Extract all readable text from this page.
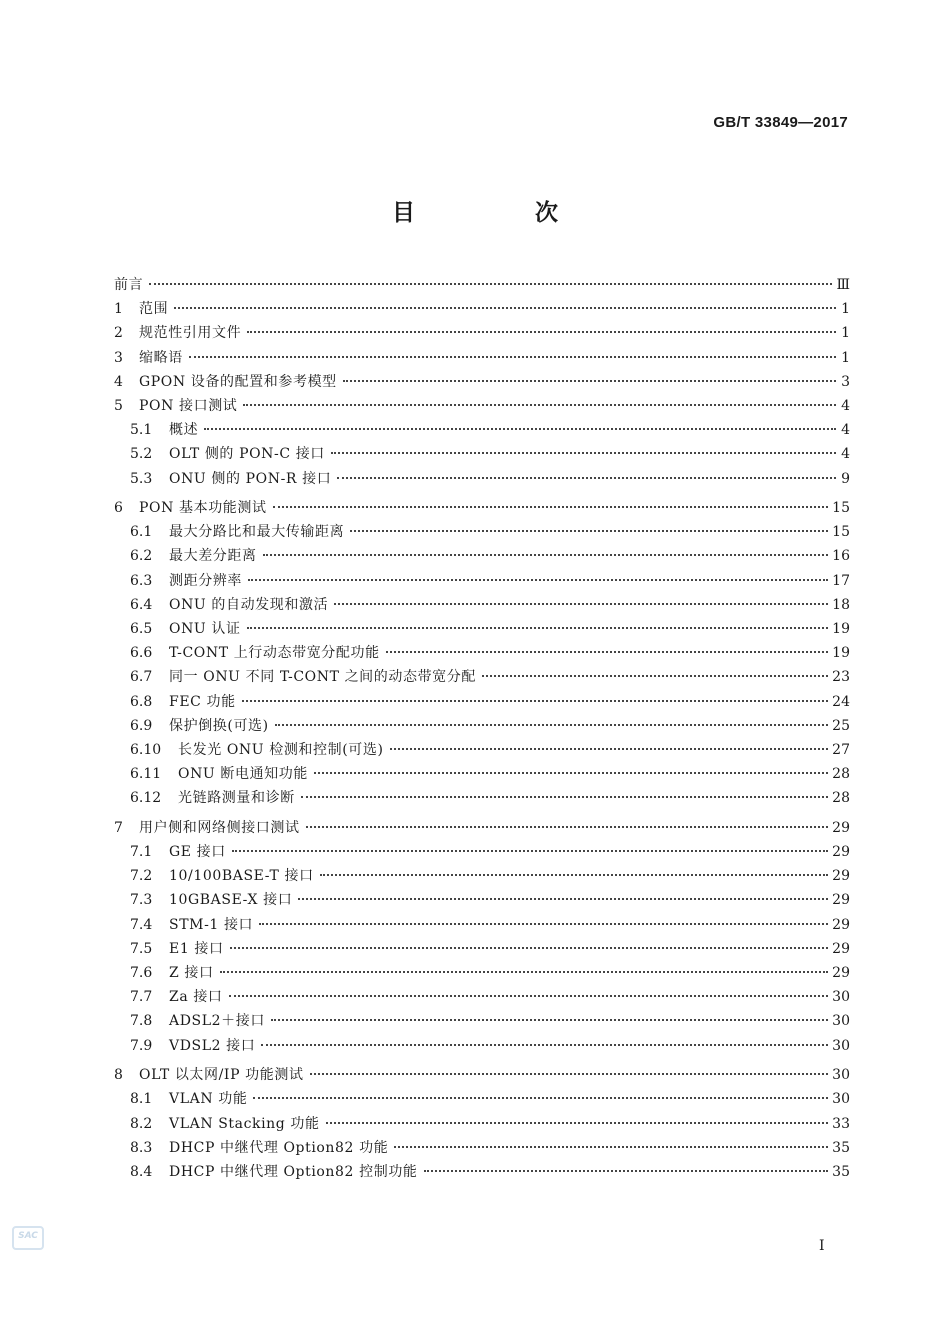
GB/T 33849—2017
目 次
前言	Ⅲ
1	范围	1
2	规范性引用文件	1
3	缩略语	1
4	GPON 设备的配置和参考模型	3
5	PON 接口测试	4
5.1	概述	4
5.2	OLT 侧的 PON-C 接口	4
5.3	ONU 侧的 PON-R 接口	9
6	PON 基本功能测试	15
6.1	最大分路比和最大传输距离	15
6.2	最大差分距离	16
6.3	测距分辨率	17
6.4	ONU 的自动发现和激活	18
6.5	ONU 认证	19
6.6	T-CONT 上行动态带宽分配功能	19
6.7	同一 ONU 不同 T-CONT 之间的动态带宽分配	23
6.8	FEC 功能	24
6.9	保护倒换(可选)	25
6.10	长发光 ONU 检测和控制(可选)	27
6.11	ONU 断电通知功能	28
6.12	光链路测量和诊断	28
7	用户侧和网络侧接口测试	29
7.1	GE 接口	29
7.2	10/100BASE-T 接口	29
7.3	10GBASE-X 接口	29
7.4	STM-1 接口	29
7.5	E1 接口	29
7.6	Z 接口	29
7.7	Za 接口	30
7.8	ADSL2＋接口	30
7.9	VDSL2 接口	30
8	OLT 以太网/IP 功能测试	30
8.1	VLAN 功能	30
8.2	VLAN Stacking 功能	33
8.3	DHCP 中继代理 Option82 功能	35
8.4	DHCP 中继代理 Option82 控制功能	35
I
SAC
